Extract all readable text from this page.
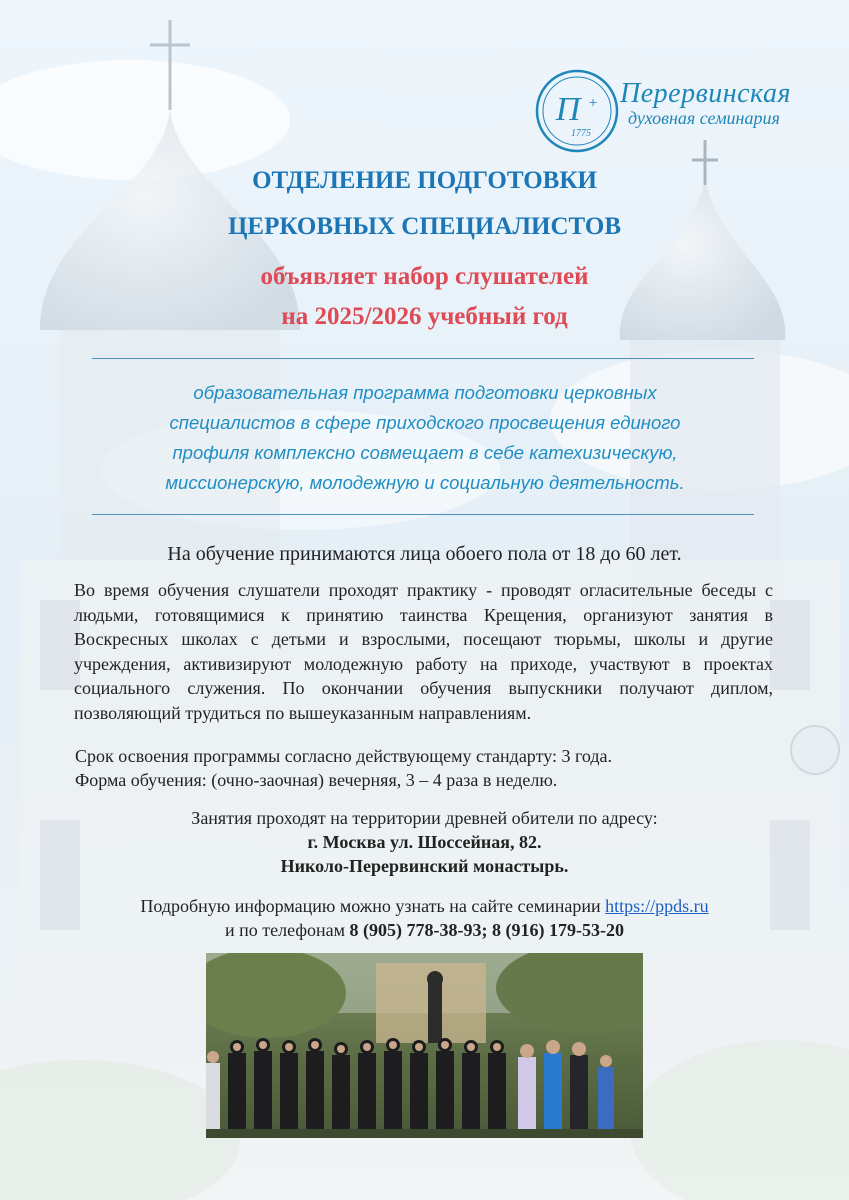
П +
1775
Перервинская
духовная семинария
ОТДЕЛЕНИЕ ПОДГОТОВКИ
ЦЕРКОВНЫХ СПЕЦИАЛИСТОВ
объявляет набор слушателей
на 2025/2026 учебный год
образовательная программа подготовки церковных
специалистов в сфере приходского просвещения единого
профиля комплексно совмещает в себе катехизическую,
миссионерскую, молодежную и социальную деятельность.
На обучение принимаются лица обоего пола от 18 до 60 лет.
Во время обучения слушатели проходят практику - проводят огласительные беседы с людьми, готовящимися к принятию таинства Крещения, организуют занятия в Воскресных школах с детьми и взрослыми, посещают тюрьмы, школы и другие учреждения, активизируют молодежную работу на приходе, участвуют в проектах социального служения. По окончании обучения выпускники получают диплом, позволяющий трудиться по вышеуказанным направлениям.
Срок освоения программы согласно действующему стандарту: 3 года.
Форма обучения: (очно-заочная) вечерняя, 3 – 4 раза в неделю.
Занятия проходят на территории древней обители по адресу:
г. Москва ул. Шоссейная, 82.
Николо-Перервинский монастырь.
Подробную информацию можно узнать на сайте семинарии https://ppds.ru
и по телефонам 8 (905) 778-38-93; 8 (916) 179-53-20
